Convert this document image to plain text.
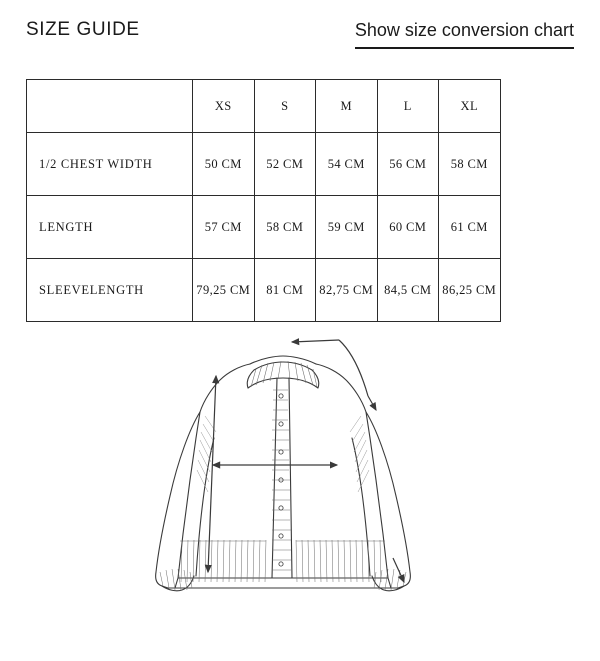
SIZE GUIDE	Show size conversion chart
	XS	S	M	L	XL
1/2 CHEST WIDTH	50 CM	52 CM	54 CM	56 CM	58 CM
LENGTH	57 CM	58 CM	59 CM	60 CM	61 CM
SLEEVELENGTH	79,25 CM	81 CM	82,75 CM	84,5 CM	86,25 CM
